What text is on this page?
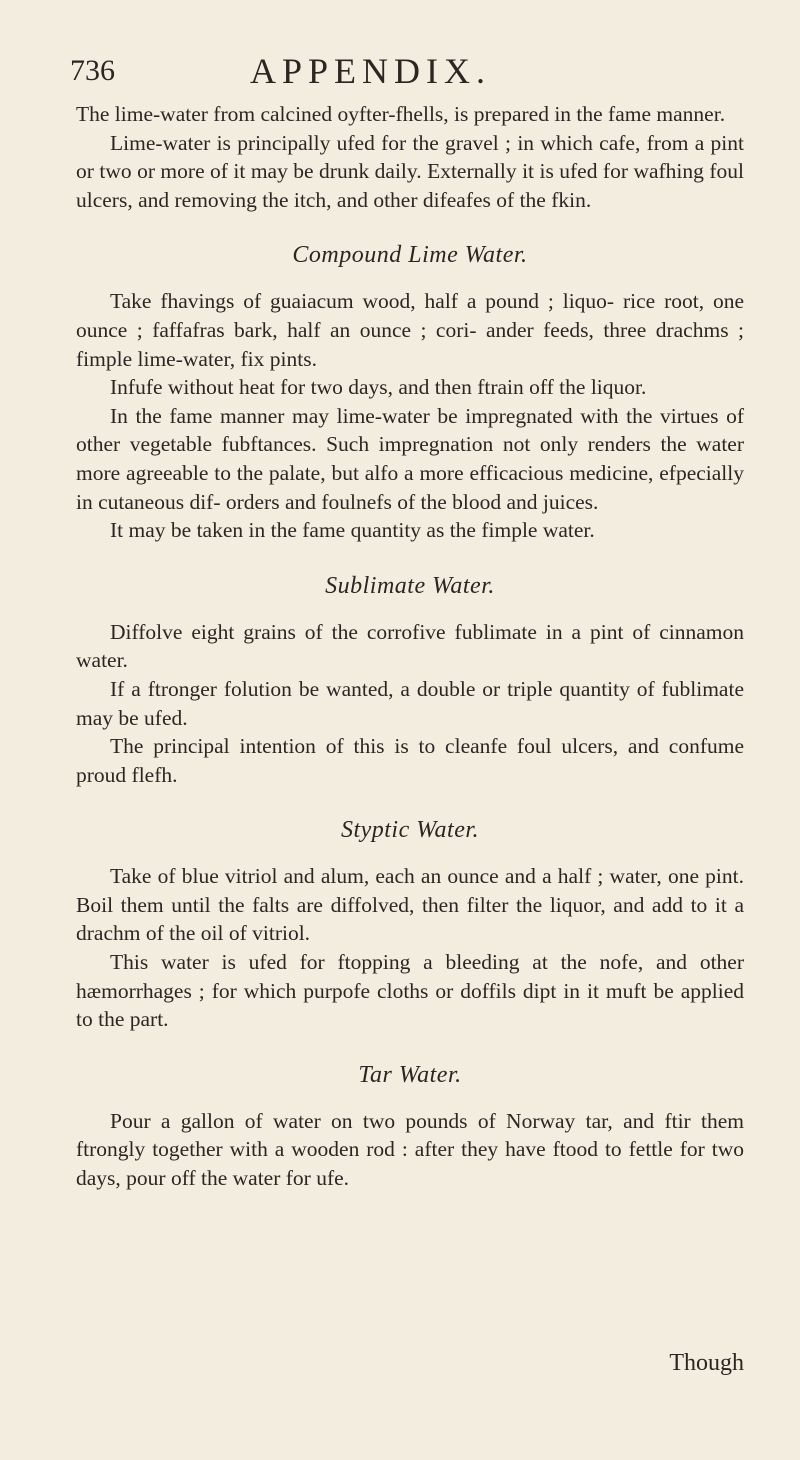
736	APPENDIX.

The lime-water from calcined oyfter-fhells, is prepared in the fame manner.

Lime-water is principally ufed for the gravel ; in which cafe, from a pint or two or more of it may be drunk daily. Externally it is ufed for wafhing foul ulcers, and removing the itch, and other difeafes of the fkin.

Compound Lime Water.

Take fhavings of guaiacum wood, half a pound ; liquo- rice root, one ounce ; faffafras bark, half an ounce ; cori- ander feeds, three drachms ; fimple lime-water, fix pints.

Infufe without heat for two days, and then ftrain off the liquor.

In the fame manner may lime-water be impregnated with the virtues of other vegetable fubftances. Such impregnation not only renders the water more agreeable to the palate, but alfo a more efficacious medicine, efpecially in cutaneous dif- orders and foulnefs of the blood and juices.

It may be taken in the fame quantity as the fimple water.

Sublimate Water.

Diffolve eight grains of the corrofive fublimate in a pint of cinnamon water.

If a ftronger folution be wanted, a double or triple quantity of fublimate may be ufed.

The principal intention of this is to cleanfe foul ulcers, and confume proud flefh.

Styptic Water.

Take of blue vitriol and alum, each an ounce and a half ; water, one pint. Boil them until the falts are diffolved, then filter the liquor, and add to it a drachm of the oil of vitriol.

This water is ufed for ftopping a bleeding at the nofe, and other hæmorrhages ; for which purpofe cloths or doffils dipt in it muft be applied to the part.

Tar Water.

Pour a gallon of water on two pounds of Norway tar, and ftir them ftrongly together with a wooden rod : after they have ftood to fettle for two days, pour off the water for ufe.

Though
